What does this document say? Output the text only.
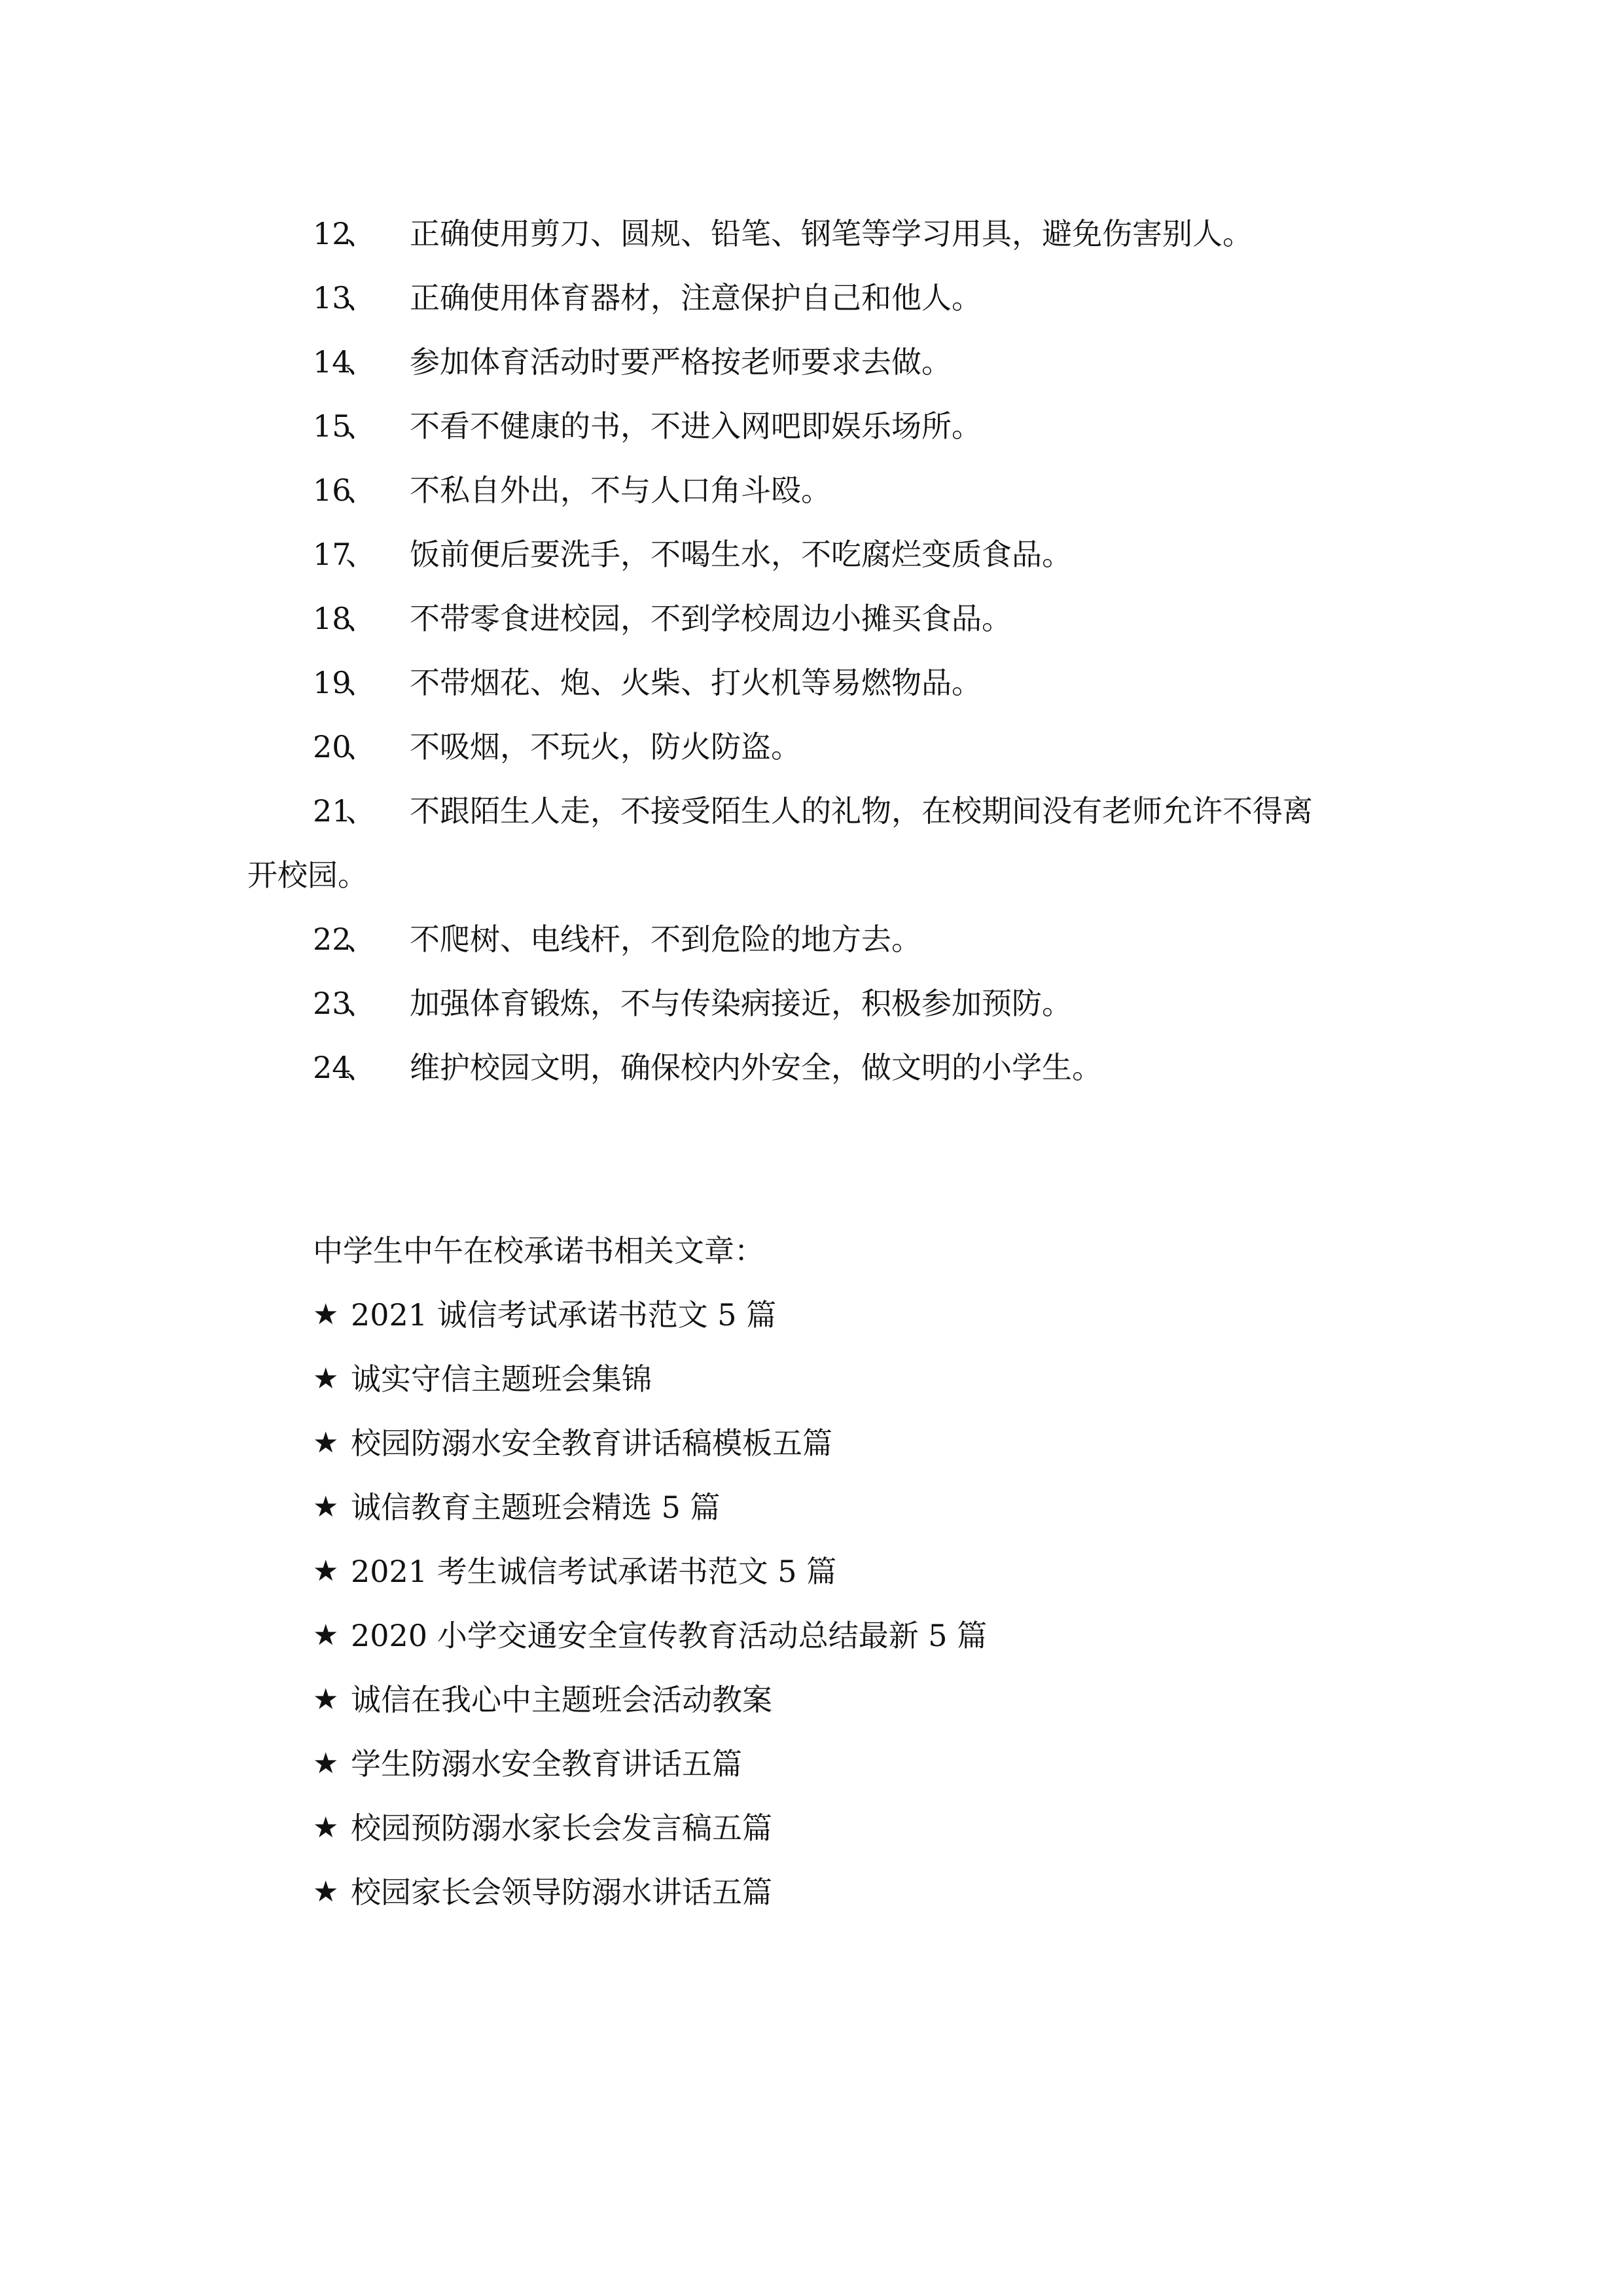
12、 正确使用剪刀、圆规、铅笔、钢笔等学习用具，避免伤害别人。
13、 正确使用体育器材，注意保护自己和他人。
14、 参加体育活动时要严格按老师要求去做。
15、 不看不健康的书，不进入网吧即娱乐场所。
16、 不私自外出，不与人口角斗殴。
17、 饭前便后要洗手，不喝生水，不吃腐烂变质食品。
18、 不带零食进校园，不到学校周边小摊买食品。
19、 不带烟花、炮、火柴、打火机等易燃物品。
20、 不吸烟，不玩火，防火防盗。
21、 不跟陌生人走，不接受陌生人的礼物，在校期间没有老师允许不得离
开校园。
22、 不爬树、电线杆，不到危险的地方去。
23、 加强体育锻炼，不与传染病接近，积极参加预防。
24、 维护校园文明，确保校内外安全，做文明的小学生。
中学生中午在校承诺书相关文章：
★ 2021 诚信考试承诺书范文 5 篇
★ 诚实守信主题班会集锦
★ 校园防溺水安全教育讲话稿模板五篇
★ 诚信教育主题班会精选 5 篇
★ 2021 考生诚信考试承诺书范文 5 篇
★ 2020 小学交通安全宣传教育活动总结最新 5 篇
★ 诚信在我心中主题班会活动教案
★ 学生防溺水安全教育讲话五篇
★ 校园预防溺水家长会发言稿五篇
★ 校园家长会领导防溺水讲话五篇
